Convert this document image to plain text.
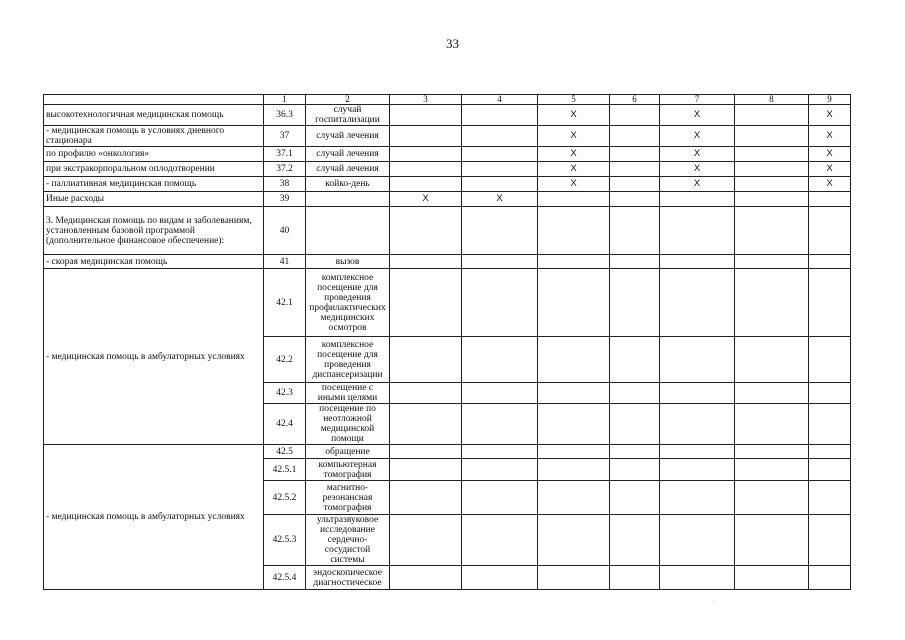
33
	1	2	3	4	5	6	7	8	9
высокотехнологичная медицинская помощь	36.3	случай госпитализации			X		X		X
- медицинская помощь в условиях дневного стационара	37	случай лечения			X		X		X
по профилю «онкология»	37.1	случай лечения			X		X		X
при экстракорпоральном оплодотворении	37.2	случай лечения			X		X		X
- паллиативная медицинская помощь	38	койко-день			X		X		X
Иные расходы	39		X	X					
3. Медицинская помощь по видам и заболеваниям, установленным базовой программой (дополнительное финансовое обеспечение):	40								
- скорая медицинская помощь	41	вызов							
- медицинская помощь в амбулаторных условиях	42.1	комплексное посещение для проведения профилактических медицинских осмотров							
	42.2	комплексное посещение для проведения диспансеризации							
	42.3	посещение с иными целями							
	42.4	посещение по неотложной медицинской помощи							
- медицинская помощь в амбулаторных условиях	42.5	обращение							
	42.5.1	компьютерная томография							
	42.5.2	магнитно-резонансная томография							
	42.5.3	ультразвуковое исследование сердечно-сосудистой системы							
	42.5.4	эндоскопическое диагностическое							
·
